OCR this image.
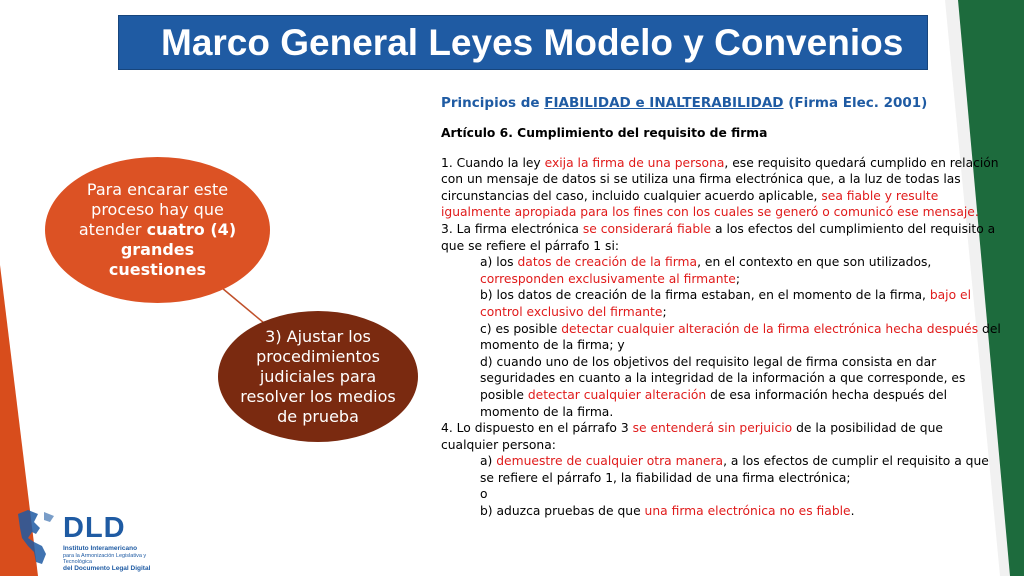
Marco General Leyes Modelo y Convenios
Para encarar este proceso hay que atender cuatro (4) grandes cuestiones
3) Ajustar los procedimientos judiciales para resolver los medios de prueba

Principios de FIABILIDAD e INALTERABILIDAD (Firma Elec. 2001)

Artículo 6. Cumplimiento del requisito de firma

1. Cuando la ley exija la firma de una persona, ese requisito quedará cumplido en relación con un mensaje de datos si se utiliza una firma electrónica que, a la luz de todas las circunstancias del caso, incluido cualquier acuerdo aplicable, sea fiable y resulte igualmente apropiada para los fines con los cuales se generó o comunicó ese mensaje.

3. La firma electrónica se considerará fiable a los efectos del cumplimiento del requisito a que se refiere el párrafo 1 si:

a) los datos de creación de la firma, en el contexto en que son utilizados, corresponden exclusivamente al firmante;

b) los datos de creación de la firma estaban, en el momento de la firma, bajo el control exclusivo del firmante;

c) es posible detectar cualquier alteración de la firma electrónica hecha después del momento de la firma; y

d) cuando uno de los objetivos del requisito legal de firma consista en dar seguridades en cuanto a la integridad de la información a que corresponde, es posible detectar cualquier alteración de esa información hecha después del momento de la firma.

4. Lo dispuesto en el párrafo 3 se entenderá sin perjuicio de la posibilidad de que cualquier persona:

a) demuestre de cualquier otra manera, a los efectos de cumplir el requisito a que se refiere el párrafo 1, la fiabilidad de una firma electrónica;

o

b) aduzca pruebas de que una firma electrónica no es fiable.

DLD
Instituto Interamericano
para la Armonización Legislativa y Tecnológica
del Documento Legal Digital
